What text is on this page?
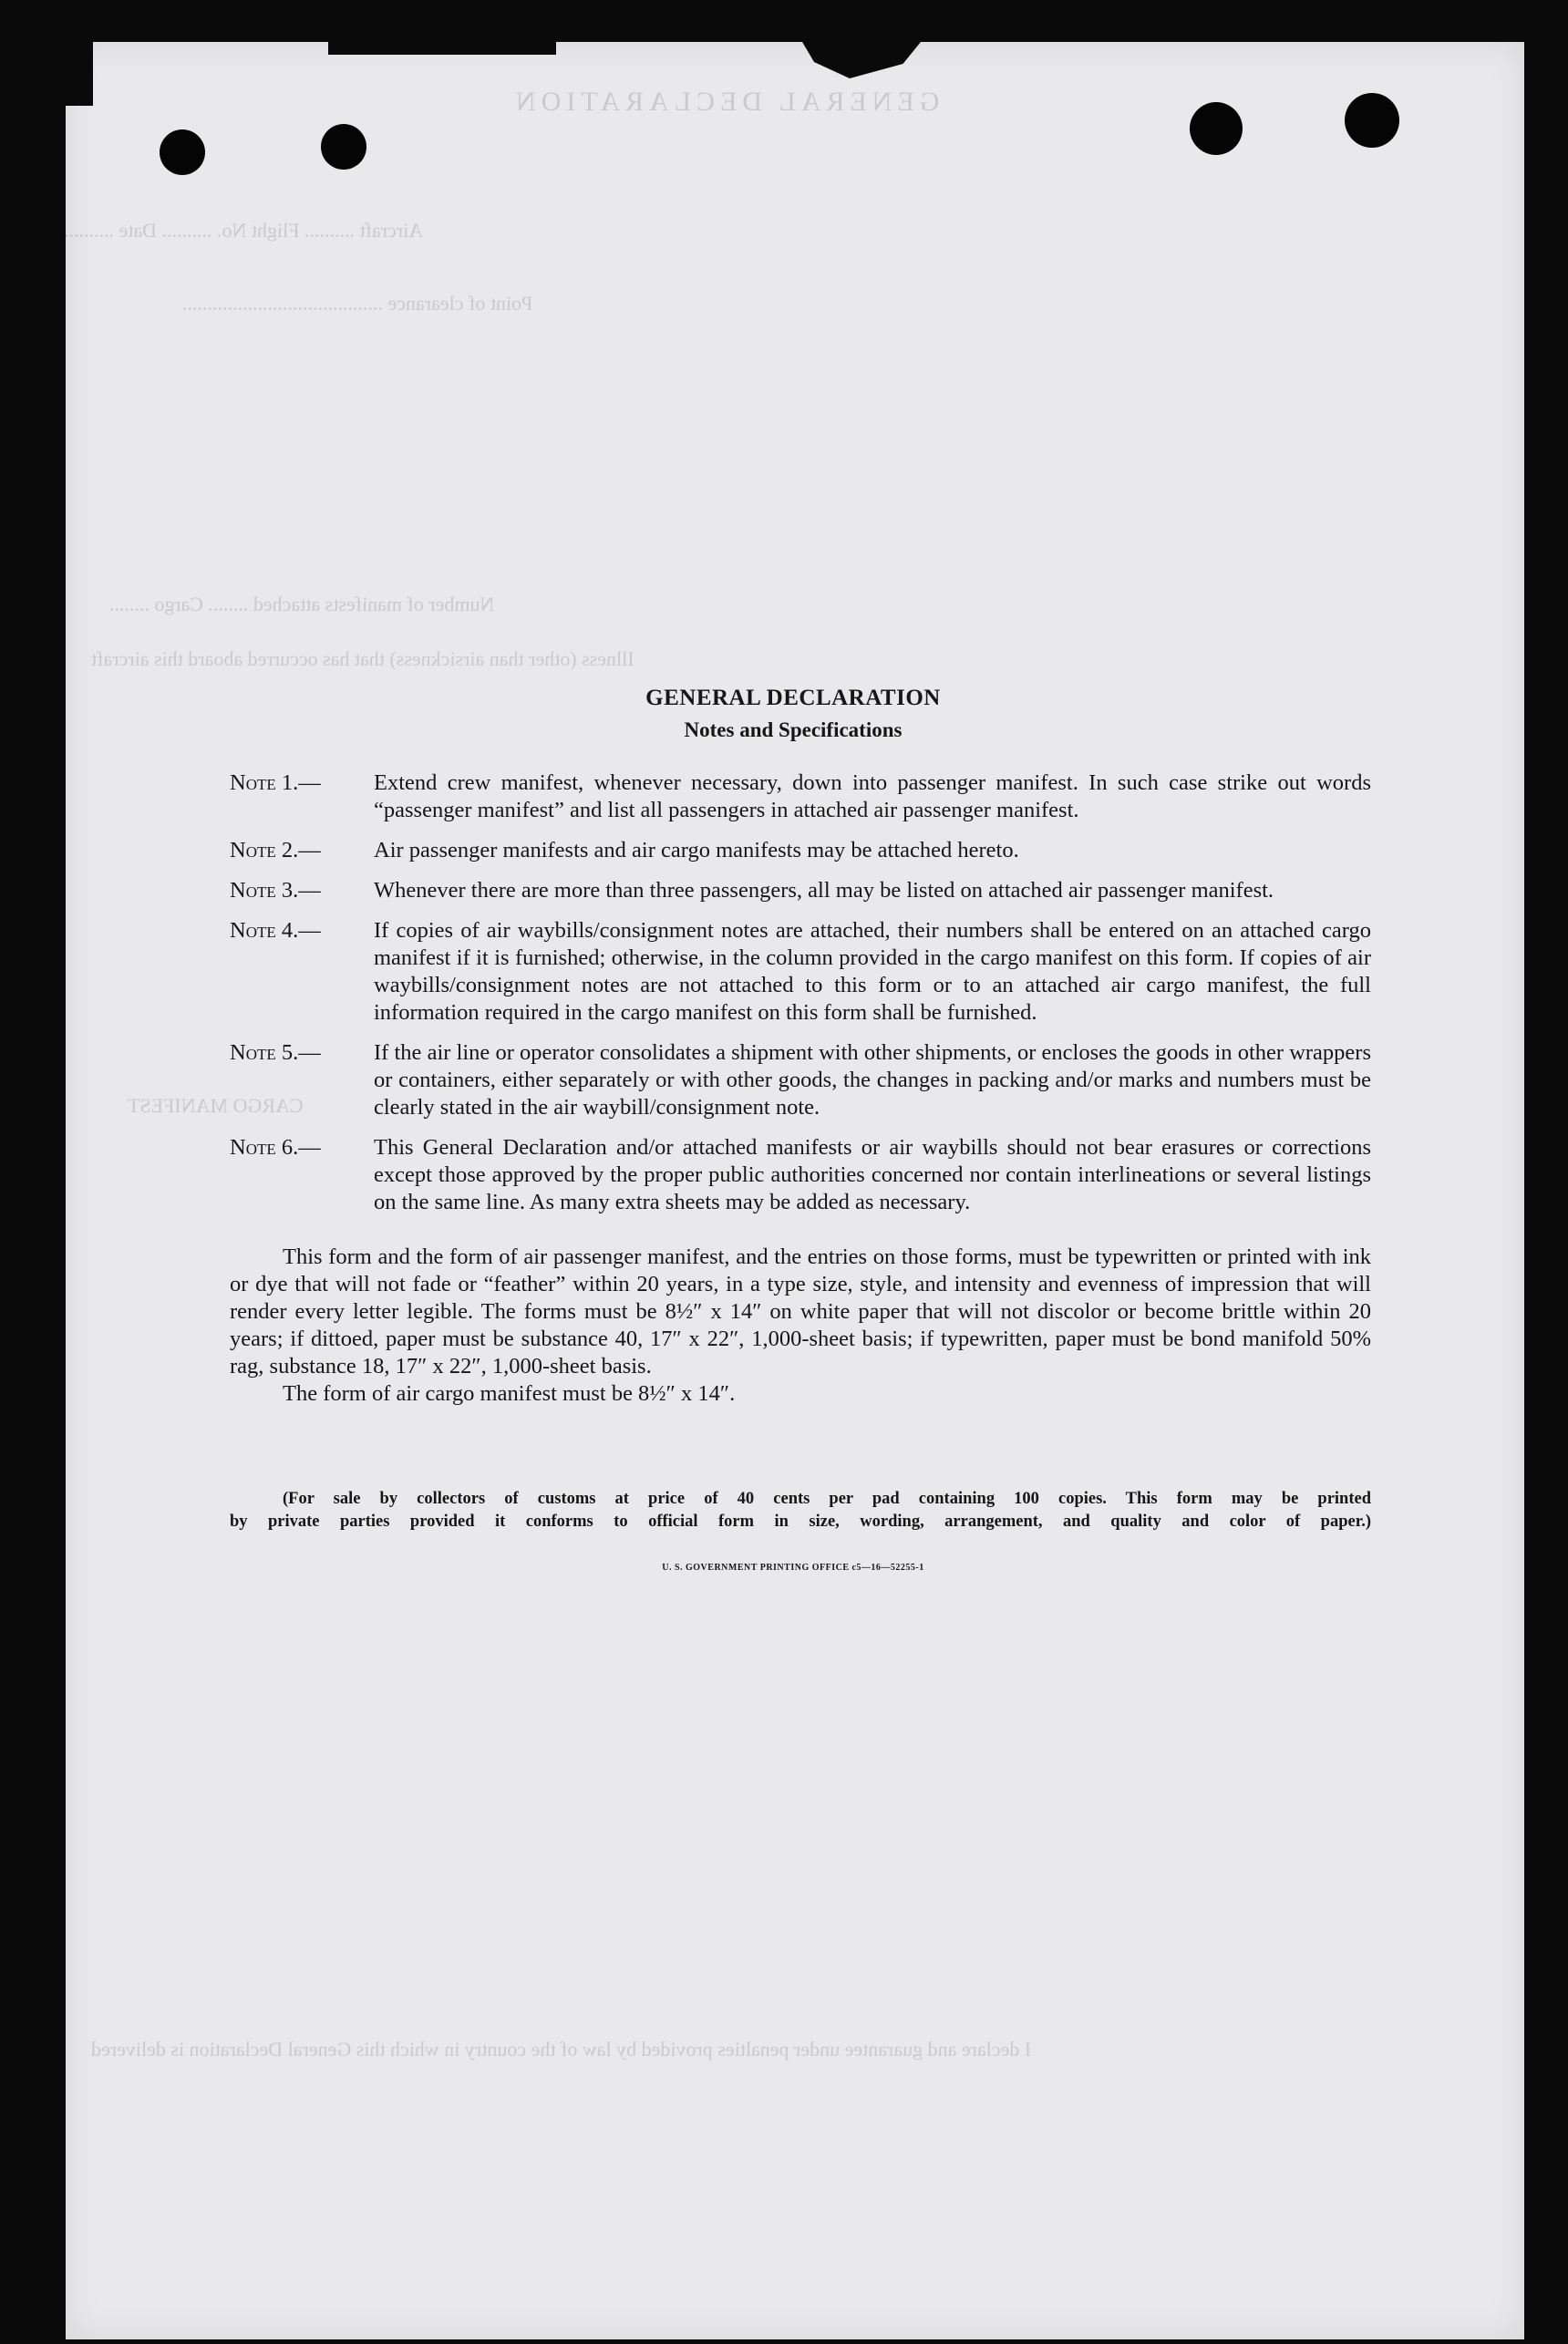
GENERAL DECLARATION
Aircraft .......... Flight No. .......... Date ..........
Point of clearance ........................................
Number of manifests attached ........ Cargo ........
Illness (other than airsickness) that has occurred aboard this aircraft
CARGO MANIFEST
I declare and guarantee under penalties provided by law of the country in which this General Declaration is delivered
GENERAL DECLARATION
Notes and Specifications
Note 1.—	Extend crew manifest, whenever necessary, down into passenger manifest. In such case strike out words “passenger manifest” and list all passengers in attached air passenger manifest.
Note 2.—	Air passenger manifests and air cargo manifests may be attached hereto.
Note 3.—	Whenever there are more than three passengers, all may be listed on attached air passenger manifest.
Note 4.—	If copies of air waybills/consignment notes are attached, their numbers shall be entered on an attached cargo manifest if it is furnished; otherwise, in the column provided in the cargo manifest on this form. If copies of air waybills/consignment notes are not attached to this form or to an attached air cargo manifest, the full information required in the cargo manifest on this form shall be furnished.
Note 5.—	If the air line or operator consolidates a shipment with other shipments, or encloses the goods in other wrappers or containers, either separately or with other goods, the changes in packing and/or marks and numbers must be clearly stated in the air waybill/consignment note.
Note 6.—	This General Declaration and/or attached manifests or air waybills should not bear erasures or corrections except those approved by the proper public authorities concerned nor contain interlineations or several listings on the same line. As many extra sheets may be added as necessary.
This form and the form of air passenger manifest, and the entries on those forms, must be typewritten or printed with ink or dye that will not fade or “feather” within 20 years, in a type size, style, and intensity and evenness of impression that will render every letter legible. The forms must be 8½″ x 14″ on white paper that will not discolor or become brittle within 20 years; if dittoed, paper must be substance 40, 17″ x 22″, 1,000-sheet basis; if typewritten, paper must be bond manifold 50% rag, substance 18, 17″ x 22″, 1,000-sheet basis.
The form of air cargo manifest must be 8½″ x 14″.
(For sale by collectors of customs at price of 40 cents per pad containing 100 copies. This form may be printed
by private parties provided it conforms to official form in size, wording, arrangement, and quality and color of paper.)
U. S. GOVERNMENT PRINTING OFFICE c5—16—52255-1
